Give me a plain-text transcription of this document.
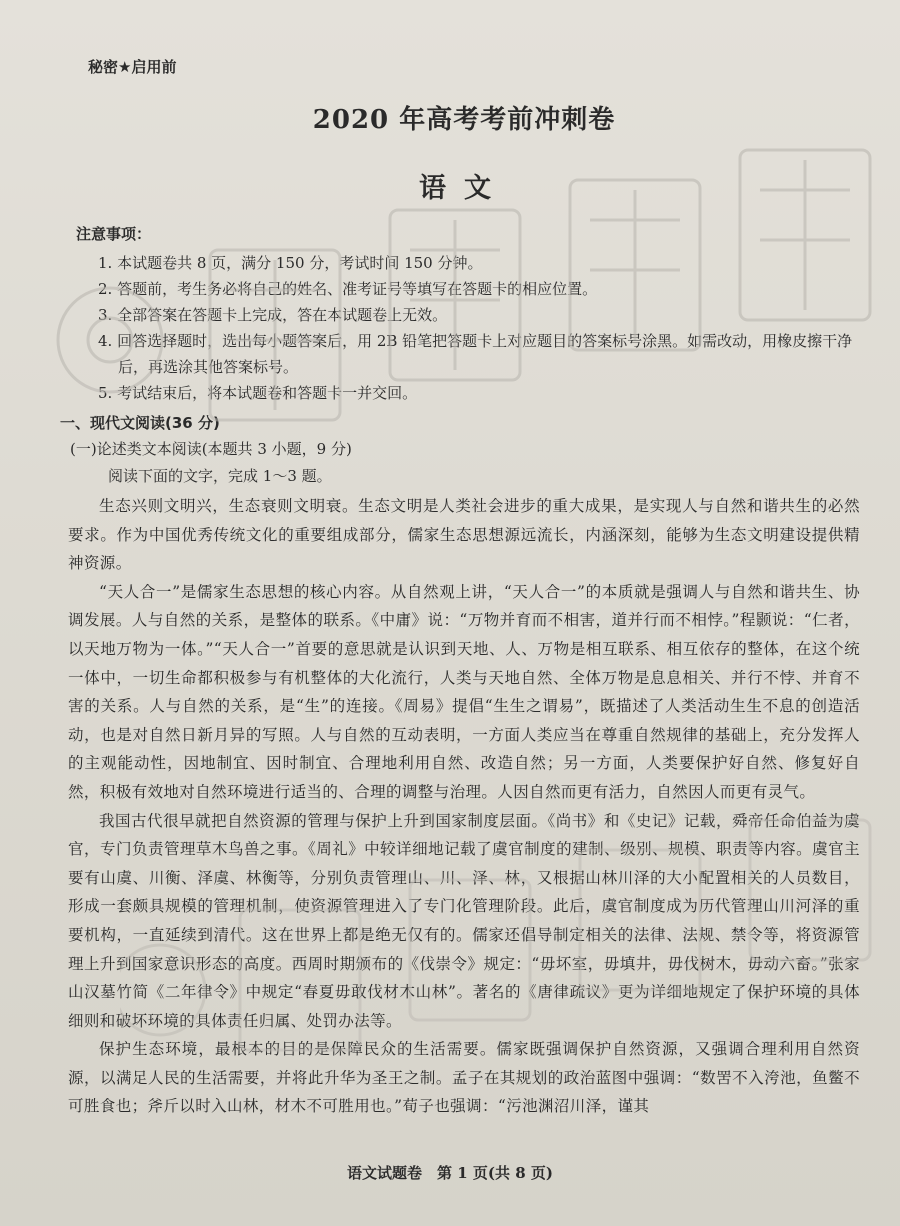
秘密★启用前
2020 年高考考前冲刺卷
语文
注意事项：
1. 本试题卷共 8 页，满分 150 分，考试时间 150 分钟。
2. 答题前，考生务必将自己的姓名、准考证号等填写在答题卡的相应位置。
3. 全部答案在答题卡上完成，答在本试题卷上无效。
4. 回答选择题时，选出每小题答案后，用 2B 铅笔把答题卡上对应题目的答案标号涂黑。如需改动，用橡皮擦干净后，再选涂其他答案标号。
5. 考试结束后，将本试题卷和答题卡一并交回。
一、现代文阅读(36 分)
(一)论述类文本阅读(本题共 3 小题，9 分)
阅读下面的文字，完成 1～3 题。

生态兴则文明兴，生态衰则文明衰。生态文明是人类社会进步的重大成果，是实现人与自然和谐共生的必然要求。作为中国优秀传统文化的重要组成部分，儒家生态思想源远流长，内涵深刻，能够为生态文明建设提供精神资源。

“天人合一”是儒家生态思想的核心内容。从自然观上讲，“天人合一”的本质就是强调人与自然和谐共生、协调发展。人与自然的关系，是整体的联系。《中庸》说：“万物并育而不相害，道并行而不相悖。”程颢说：“仁者，以天地万物为一体。”“天人合一”首要的意思就是认识到天地、人、万物是相互联系、相互依存的整体，在这个统一体中，一切生命都积极参与有机整体的大化流行，人类与天地自然、全体万物是息息相关、并行不悖、并育不害的关系。人与自然的关系，是“生”的连接。《周易》提倡“生生之谓易”，既描述了人类活动生生不息的创造活动，也是对自然日新月异的写照。人与自然的互动表明，一方面人类应当在尊重自然规律的基础上，充分发挥人的主观能动性，因地制宜、因时制宜、合理地利用自然、改造自然；另一方面，人类要保护好自然、修复好自然，积极有效地对自然环境进行适当的、合理的调整与治理。人因自然而更有活力，自然因人而更有灵气。

我国古代很早就把自然资源的管理与保护上升到国家制度层面。《尚书》和《史记》记载，舜帝任命伯益为虞官，专门负责管理草木鸟兽之事。《周礼》中较详细地记载了虞官制度的建制、级别、规模、职责等内容。虞官主要有山虞、川衡、泽虞、林衡等，分别负责管理山、川、泽、林，又根据山林川泽的大小配置相关的人员数目，形成一套颇具规模的管理机制，使资源管理进入了专门化管理阶段。此后，虞官制度成为历代管理山川河泽的重要机构，一直延续到清代。这在世界上都是绝无仅有的。儒家还倡导制定相关的法律、法规、禁令等，将资源管理上升到国家意识形态的高度。西周时期颁布的《伐崇令》规定：“毋坏室，毋填井，毋伐树木，毋动六畜。”张家山汉墓竹简《二年律令》中规定“春夏毋敢伐材木山林”。著名的《唐律疏议》更为详细地规定了保护环境的具体细则和破坏环境的具体责任归属、处罚办法等。

保护生态环境，最根本的目的是保障民众的生活需要。儒家既强调保护自然资源，又强调合理利用自然资源，以满足人民的生活需要，并将此升华为圣王之制。孟子在其规划的政治蓝图中强调：“数罟不入洿池，鱼鳖不可胜食也；斧斤以时入山林，材木不可胜用也。”荀子也强调：“污池渊沼川泽，谨其

语文试题卷　第 1 页(共 8 页)
